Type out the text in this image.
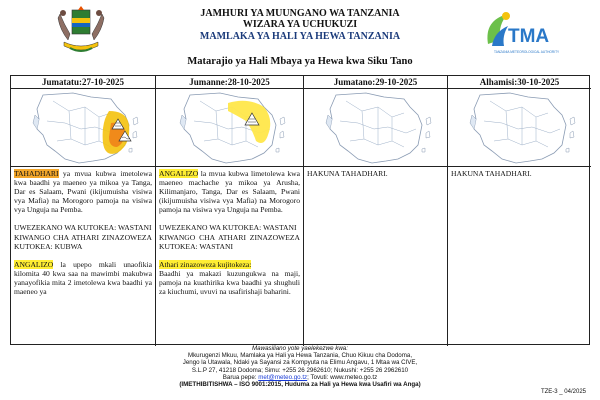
JAMHURI YA MUUNGANO WA TANZANIA
WIZARA YA UCHUKUZI
MAMLAKA YA HALI YA HEWA TANZANIA	TMA
TANZANIA METEOROLOGICAL AUTHORITY
Matarajio ya Hali Mbaya ya Hewa kwa Siku Tano
Jumatatu:27-10-2025

TAHADHARI ya mvua kubwa imetolewa kwa baadhi ya maeneo ya mikoa ya Tanga, Dar es Salaam, Pwani (ikijumuisha visiwa vya Mafia) na Morogoro pamoja na visiwa vya Unguja na Pemba.

UWEZEKANO WA KUTOKEA: WASTANI

KIWANGO CHA ATHARI ZINAZOWEZA KUTOKEA: KUBWA

ANGALIZO la upepo mkali unaofikia kilomita 40 kwa saa na mawimbi makubwa yanayofikia mita 2 imetolewa kwa baadhi ya maeneo ya

Jumanne:28-10-2025

ANGALIZO la mvua kubwa limetolewa kwa maeneo machache ya mikoa ya Arusha, Kilimanjaro, Tanga, Dar es Salaam, Pwani (ikijumuisha visiwa vya Mafia) na Morogoro pamoja na visiwa vya Unguja na Pemba.

UWEZEKANO WA KUTOKEA: WASTANI

KIWANGO CHA ATHARI ZINAZOWEZA KUTOKEA: WASTANI

Athari zinazoweza kujitokeza:

Baadhi ya makazi kuzungukwa na maji, pamoja na kuathirika kwa baadhi ya shughuli za kiuchumi, uvuvi na usafirishaji baharini.

Jumatano:29-10-2025

HAKUNA TAHADHARI.

Alhamisi:30-10-2025

HAKUNA TAHADHARI.

Mawasiliano yote yaelekezwe kwa:
Mkurugenzi Mkuu, Mamlaka ya Hali ya Hewa Tanzania, Chuo Kikuu cha Dodoma,
Jengo la Utawala, Ndaki ya Sayansi za Kompyuta na Elimu Angavu, 1 Mtaa wa CIVE,
S.L.P 27, 41218 Dodoma; Simu: +255 26 2962610; Nukushi: +255 26 2962610
Barua pepe: met@meteo.go.tz; Tovuti: www.meteo.go.tz
(IMETHIBITISHWA – ISO 9001:2015, Huduma za Hali ya Hewa kwa Usafiri wa Anga)
TZE-3 _ 04/2025
